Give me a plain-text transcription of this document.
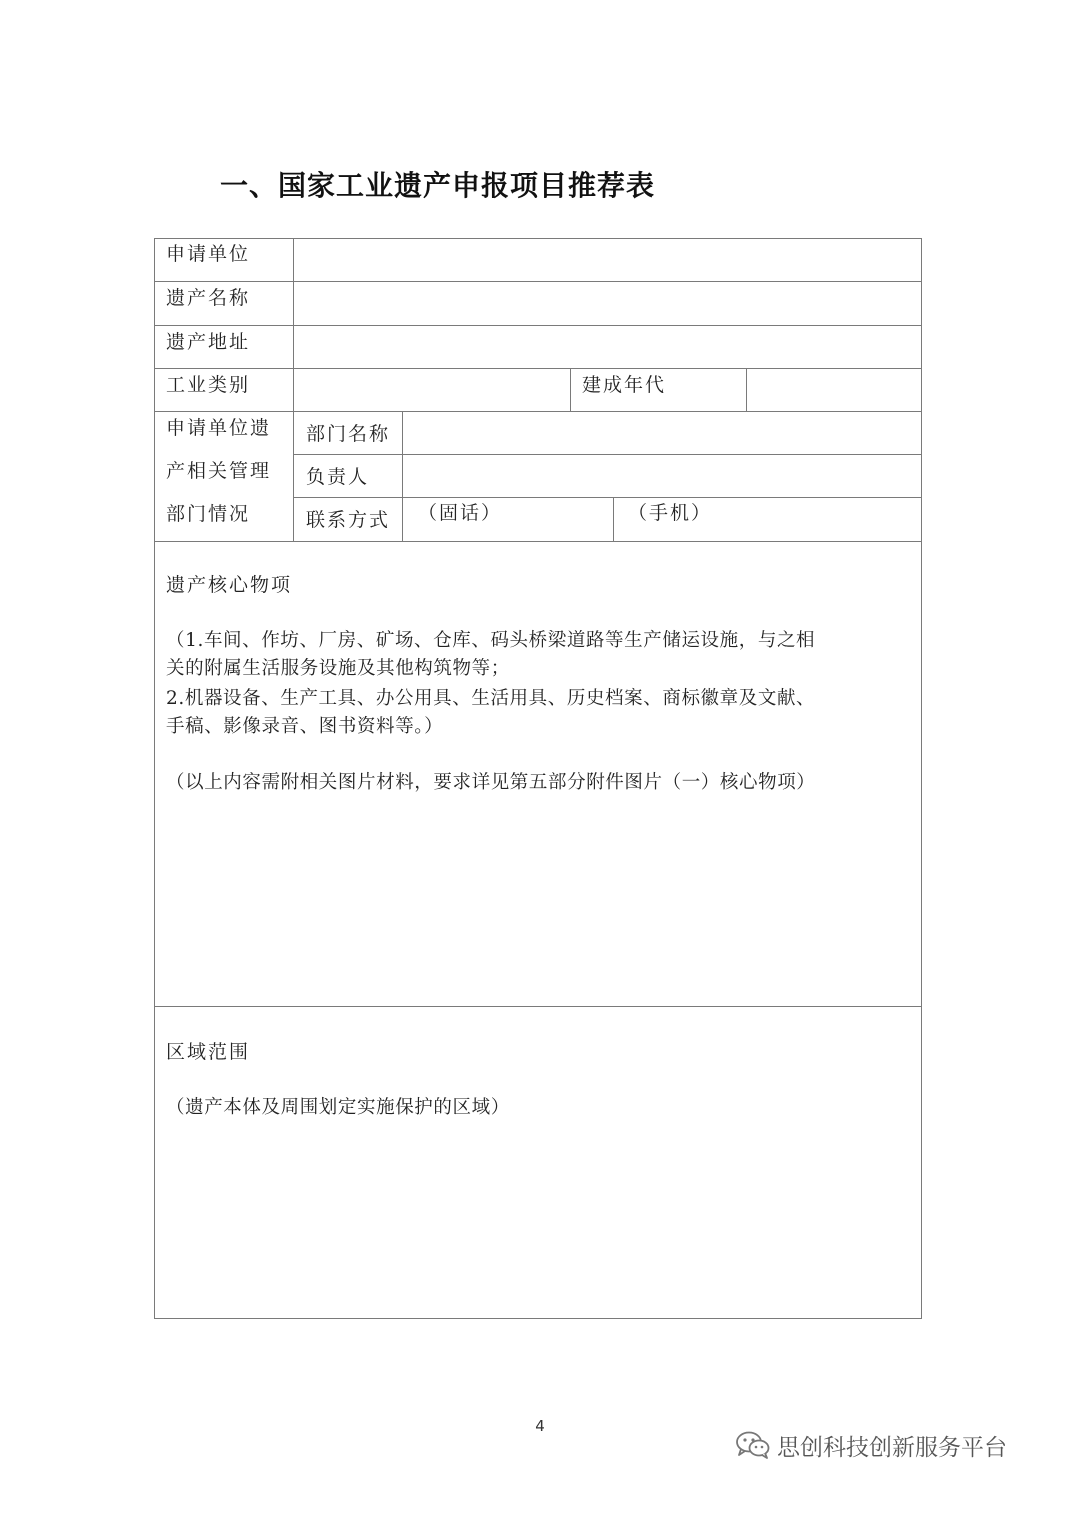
一、国家工业遗产申报项目推荐表
申请单位
遗产名称
遗产地址
工业类别	建成年代
申请单位遗
产相关管理
部门情况
部门名称
负责人
联系方式 （固话）	（手机）
遗产核心物项
（1.车间、作坊、厂房、矿场、仓库、码头桥梁道路等生产储运设施，与之相
关的附属生活服务设施及其他构筑物等；
2.机器设备、生产工具、办公用具、生活用具、历史档案、商标徽章及文献、
手稿、影像录音、图书资料等。）
（以上内容需附相关图片材料，要求详见第五部分附件图片（一）核心物项）
区域范围
（遗产本体及周围划定实施保护的区域）
4
思创科技创新服务平台
